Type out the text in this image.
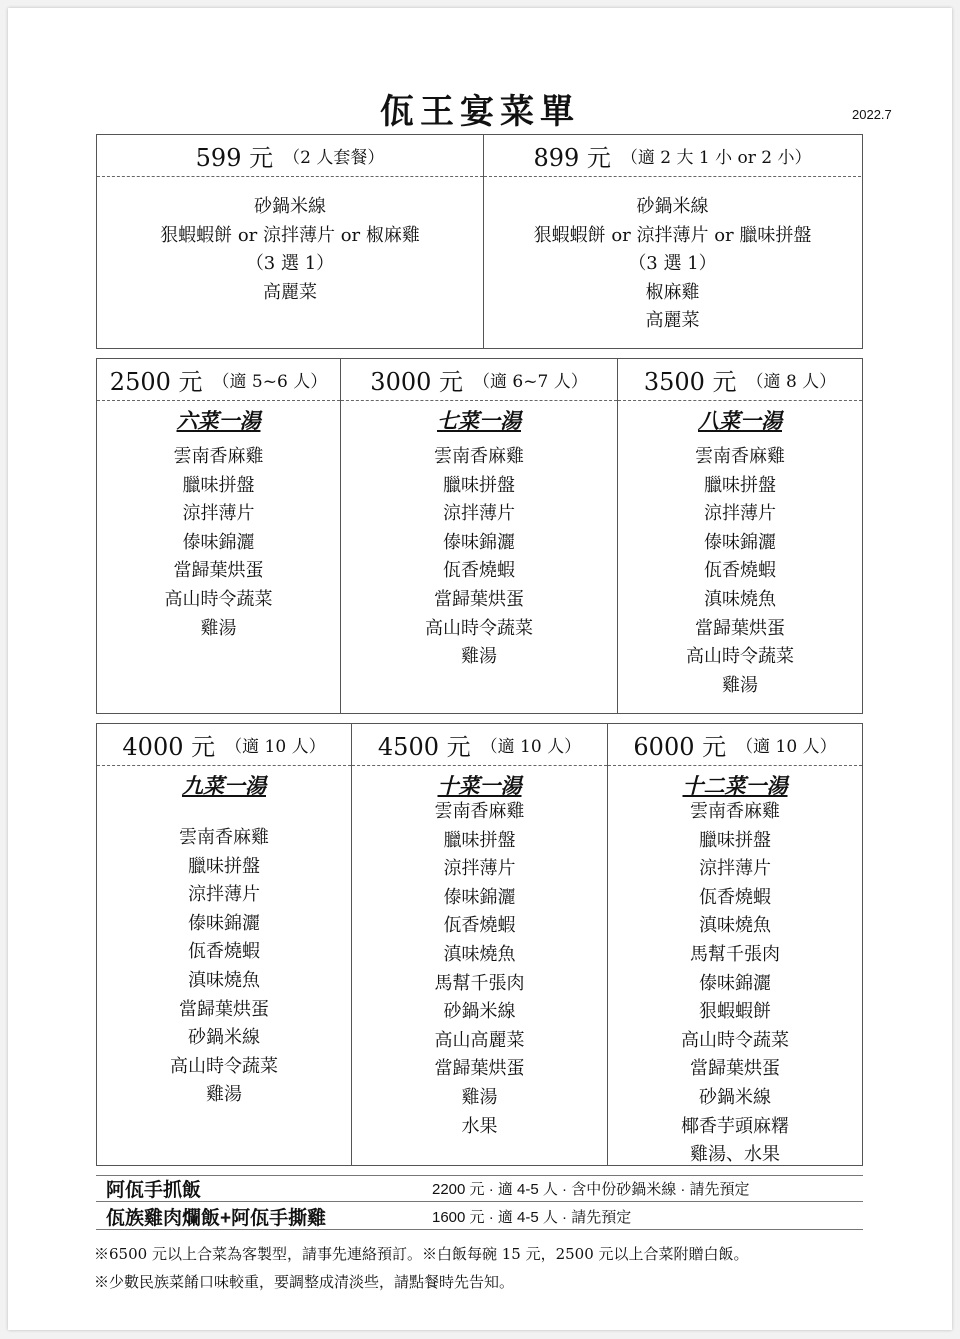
佤王宴菜單	2022.7
599 元 （2 人套餐）
砂鍋米線
狠蝦蝦餅 or 涼拌薄片 or 椒麻雞
（3 選 1）
高麗菜
899 元 （適 2 大 1 小 or 2 小）
砂鍋米線
狠蝦蝦餅 or 涼拌薄片 or 臘味拼盤
（3 選 1）
椒麻雞
高麗菜
2500 元 （適 5~6 人）
六菜一湯
雲南香麻雞
臘味拼盤
涼拌薄片
傣味錦灑
當歸葉烘蛋
高山時令蔬菜
雞湯
3000 元 （適 6~7 人）
七菜一湯
雲南香麻雞
臘味拼盤
涼拌薄片
傣味錦灑
佤香燒蝦
當歸葉烘蛋
高山時令蔬菜
雞湯
3500 元 （適 8 人）
八菜一湯
雲南香麻雞
臘味拼盤
涼拌薄片
傣味錦灑
佤香燒蝦
滇味燒魚
當歸葉烘蛋
高山時令蔬菜
雞湯
4000 元 （適 10 人）
九菜一湯
雲南香麻雞
臘味拼盤
涼拌薄片
傣味錦灑
佤香燒蝦
滇味燒魚
當歸葉烘蛋
砂鍋米線
高山時令蔬菜
雞湯
4500 元 （適 10 人）
十菜一湯
雲南香麻雞
臘味拼盤
涼拌薄片
傣味錦灑
佤香燒蝦
滇味燒魚
馬幫千張肉
砂鍋米線
高山高麗菜
當歸葉烘蛋
雞湯
水果
6000 元 （適 10 人）
十二菜一湯
雲南香麻雞
臘味拼盤
涼拌薄片
佤香燒蝦
滇味燒魚
馬幫千張肉
傣味錦灑
狠蝦蝦餅
高山時令蔬菜
當歸葉烘蛋
砂鍋米線
椰香芋頭麻糬
雞湯、水果
阿佤手抓飯	2200 元 · 適 4-5 人 · 含中份砂鍋米線 · 請先預定
佤族雞肉爛飯+阿佤手撕雞	1600 元 · 適 4-5 人 · 請先預定
※6500 元以上合菜為客製型，請事先連絡預訂。※白飯每碗 15 元，2500 元以上合菜附贈白飯。
※少數民族菜餚口味較重，要調整成清淡些，請點餐時先告知。
